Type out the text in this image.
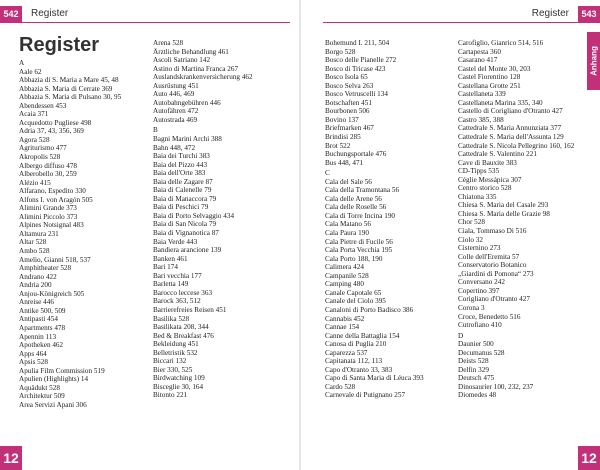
542	Register
Register
A
Aale 62
Abbazia di S. Maria a Mare 45, 48
Abbazia S. Maria di Cerrate 369
Abbazia S. Maria di Pulsano 30, 95
Abendessen 453
Acaia 371
Acquedotto Pugliese 498
Adria 37, 43, 356, 369
Agora 528
Agriturismo 477
Akropolis 528
Albergo diffuso 478
Alberobello 30, 259
Alézio 415
Alfarano, Espedito 330
Alfons I. von Aragón 505
Alimini Grande 373
Alimini Piccolo 373
Alpines Notsignal 483
Altamura 231
Altar 528
Ambo 528
Amelio, Gianni 518, 537
Amphitheater 528
Andrano 422
Andria 200
Anjou-Königreich 505
Anreise 446
Antike 500, 509
Antipasti 454
Apartments 478
Apennin 113
Apotheken 462
Apps 464
Apsis 528
Apulia Film Commission 519
Apulien (Highlights) 14
Aquädukt 528
Architektur 509
Area Servizi Apani 306
Arena 528
Ärztliche Behandlung 461
Ascoli Satriano 142
Astino di Martina Franca 267
Auslandskrankenversicherung 462
Ausrüstung 451
Auto 446, 469
Autobahngebühren 446
Autofähren 472
Autostrada 469
B
Bagni Marini Archi 388
Bahn 448, 472
Baia dei Turchi 383
Baia del Pizzo 443
Baia dell'Orte 383
Baia delle Zagare 87
Baia di Calenelle 79
Baia di Manaccora 79
Baia di Peschici 79
Baia di Porto Selvaggio 434
Baia di San Nicola 79
Baia di Vignanotica 87
Baia Verde 443
Bandiera arancione 139
Banken 461
Bari 174
Bari vecchia 177
Barletta 149
Barocco leccese 363
Barock 363, 512
Barrierefreies Reisen 451
Basilika 528
Basilikata 208, 344
Bed & Breakfast 476
Bekleidung 451
Belletristik 532
Biccari 132
Bier 330, 525
Birdwatching 109
Bisceglie 30, 164
Bitonto 221
12
Register	543
Anhang
Bohemund I. 211, 504
Borgo 528
Bosco delle Pianelle 272
Bosco di Tricase 423
Bosco Isola 65
Bosco Selva 263
Bosco Vetruscelli 134
Botschaften 451
Bourbonen 506
Bovino 137
Briefmarken 467
Brindisi 285
Brot 522
Buchungsportale 476
Bus 448, 471
C
Cala del Sale 56
Cala della Tramontana 56
Cala delle Arene 56
Cala delle Roselle 56
Cala di Torre Incina 190
Cala Matano 56
Cala Paura 190
Cala Pietre di Fucile 56
Cala Porta Vecchia 195
Cala Porto 188, 190
Calimera 424
Campanile 528
Camping 480
Canale Capotale 65
Canale del Ciolo 395
Canaloni di Porto Badisco 386
Cannabis 452
Cannae 154
Canne della Battaglia 154
Canosa di Puglia 210
Caparezza 537
Capitanata 112, 113
Capo d'Otranto 33, 383
Capo di Santa Maria di Léuca 393
Cardo 528
Carnevale di Putignano 257
Carofiglio, Gianrico 514, 516
Cartapesta 360
Casarano 417
Castel del Monte 30, 203
Castel Fiorentino 128
Castellana Grotte 251
Castellaneta 339
Castellaneta Marina 335, 340
Castello di Corigliano d'Otranto 427
Castro 385, 388
Cattedrale S. Maria Annunziata 377
Cattedrale S. Maria dell'Assunta 129
Cattedrale S. Nicola Pellegrino 160, 162
Cattedrale S. Valentino 221
Cave di Bauxite 383
CD-Tipps 535
Céglie Messápica 307
Centro storico 528
Chiatona 335
Chiesa S. Maria del Casale 293
Chiesa S. Maria delle Grazie 98
Chor 528
Ciala, Tommaso Di 516
Ciolo 32
Cisternino 273
Colle dell'Eremita 57
Conservatorio Botanico
„Giardini di Pomona“ 273
Conversano 242
Copertino 397
Corigliano d'Otranto 427
Corona 3
Croce, Benedetto 516
Cutrofiano 410
D
Daunier 500
Decumanus 528
Deists 528
Delfin 329
Deutsch 475
Dinosaurier 100, 232, 237
Diomedes 48
12
